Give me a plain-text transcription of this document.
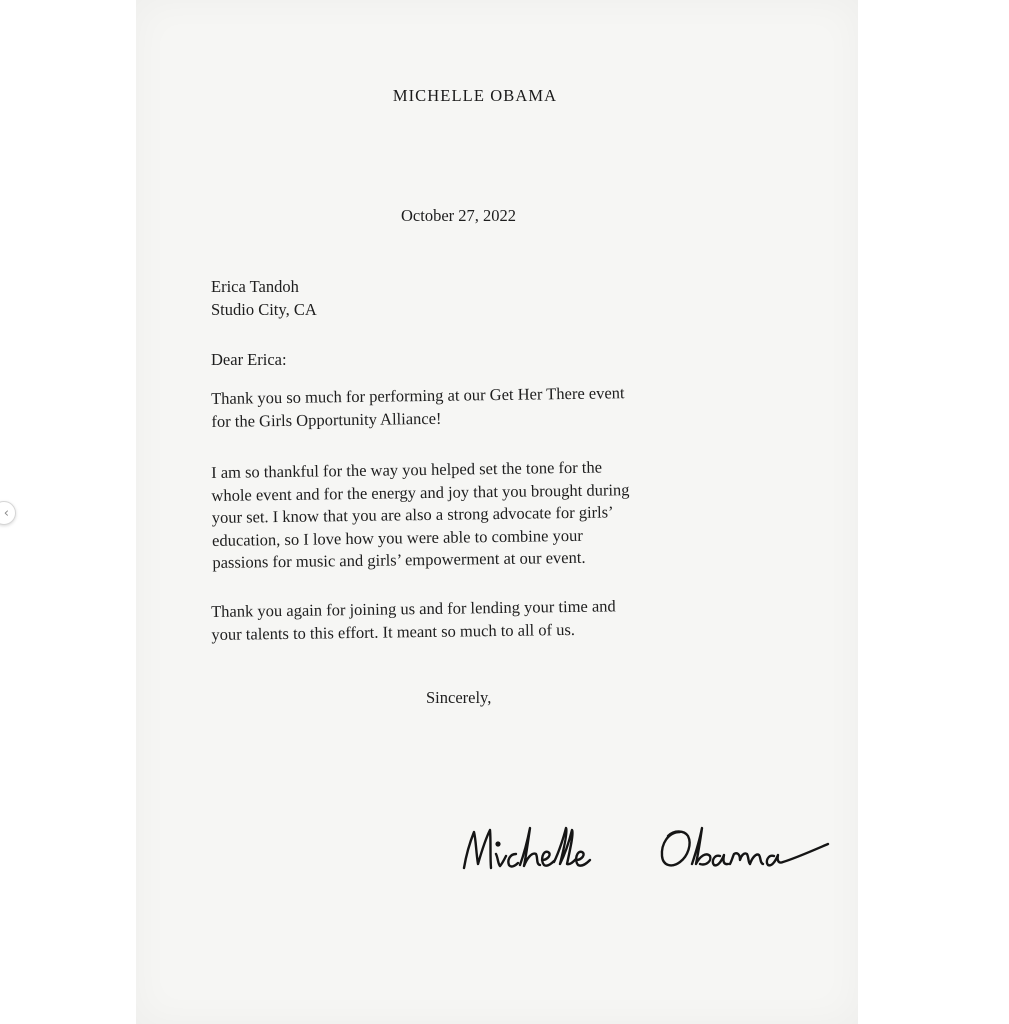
‹
MICHELLE OBAMA
October 27, 2022
Erica Tandoh
Studio City, CA
Dear Erica:
Thank you so much for performing at our Get Her There event
for the Girls Opportunity Alliance!
I am so thankful for the way you helped set the tone for the
whole event and for the energy and joy that you brought during
your set. I know that you are also a strong advocate for girls’
education, so I love how you were able to combine your
passions for music and girls’ empowerment at our event.
Thank you again for joining us and for lending your time and
your talents to this effort. It meant so much to all of us.
Sincerely,
